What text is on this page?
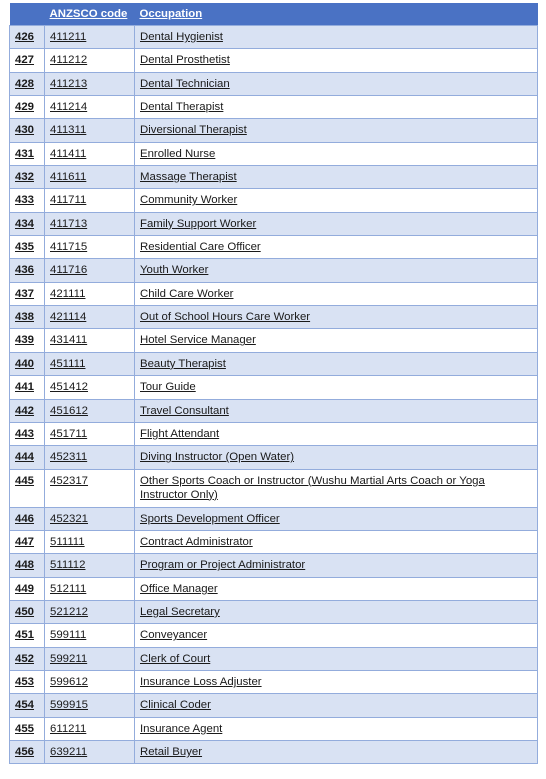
	ANZSCO code	Occupation
426	411211	Dental Hygienist
427	411212	Dental Prosthetist
428	411213	Dental Technician
429	411214	Dental Therapist
430	411311	Diversional Therapist
431	411411	Enrolled Nurse
432	411611	Massage Therapist
433	411711	Community Worker
434	411713	Family Support Worker
435	411715	Residential Care Officer
436	411716	Youth Worker
437	421111	Child Care Worker
438	421114	Out of School Hours Care Worker
439	431411	Hotel Service Manager
440	451111	Beauty Therapist
441	451412	Tour Guide
442	451612	Travel Consultant
443	451711	Flight Attendant
444	452311	Diving Instructor (Open Water)
445	452317	Other Sports Coach or Instructor (Wushu Martial Arts Coach or Yoga Instructor Only)
446	452321	Sports Development Officer
447	511111	Contract Administrator
448	511112	Program or Project Administrator
449	512111	Office Manager
450	521212	Legal Secretary
451	599111	Conveyancer
452	599211	Clerk of Court
453	599612	Insurance Loss Adjuster
454	599915	Clinical Coder
455	611211	Insurance Agent
456	639211	Retail Buyer
